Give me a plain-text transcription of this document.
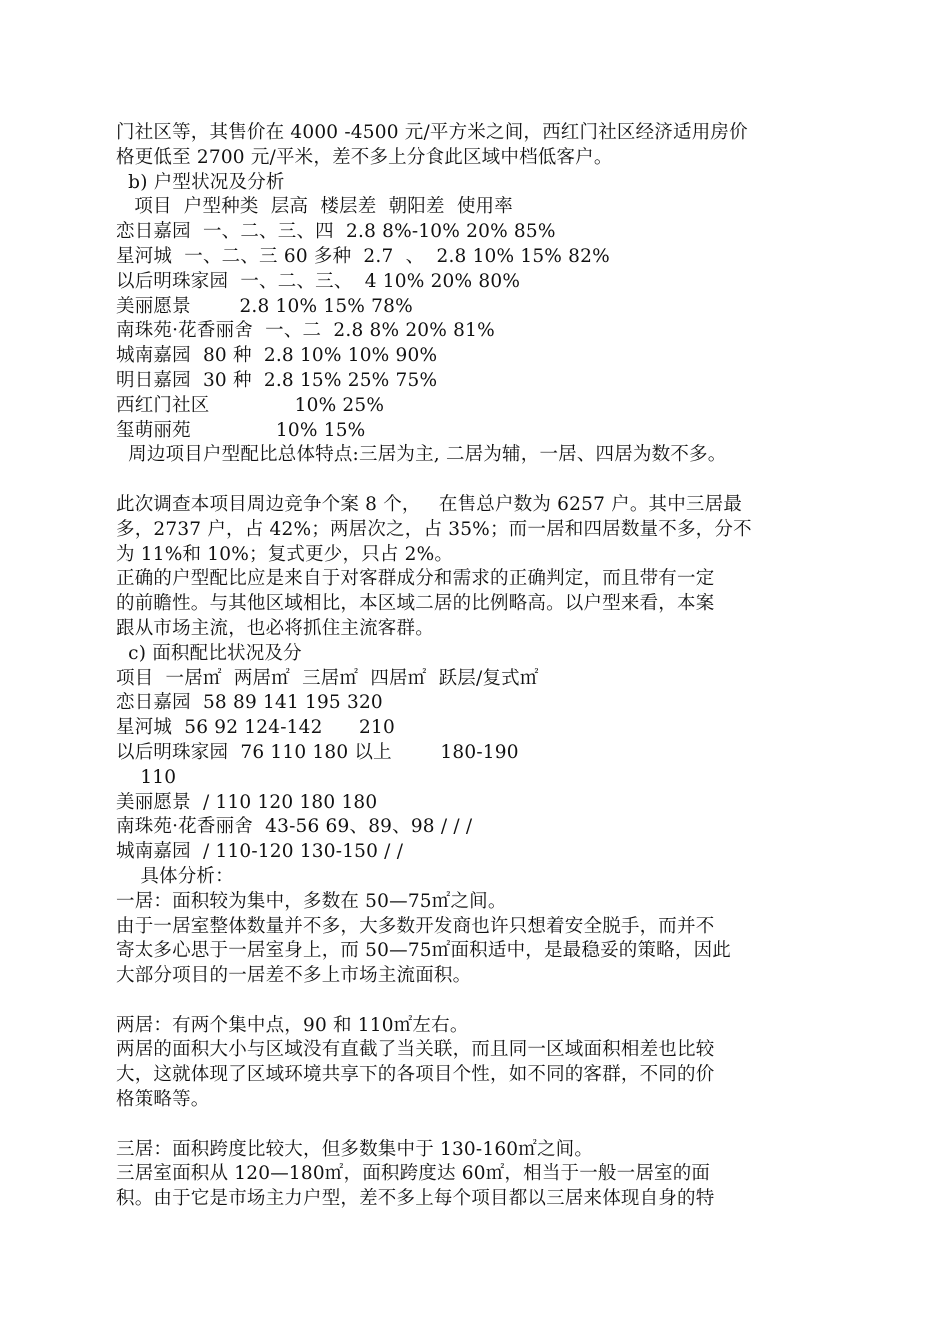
门社区等，其售价在 4000 -4500 元/平方米之间，西红门社区经济适用房价
格更低至 2700 元/平米，差不多上分食此区域中档低客户。
b) 户型状况及分析
项目  户型种类  层高  楼层差  朝阳差  使用率
恋日嘉园  一、二、三、四  2.8 8%-10% 20% 85%
星河城  一、二、三 60 多种  2.7  、  2.8 10% 15% 82%
以后明珠家园  一、二、三、  4 10% 20% 80%
美丽愿景        2.8 10% 15% 78%
南珠苑·花香丽舍  一、二  2.8 8% 20% 81%
城南嘉园  80 种  2.8 10% 10% 90%
明日嘉园  30 种  2.8 15% 25% 75%
西红门社区              10% 25%
玺萌丽苑              10% 15%
周边项目户型配比总体特点:三居为主, 二居为辅，一居、四居为数不多。
此次调查本项目周边竞争个案 8 个，   在售总户数为 6257 户。其中三居最
多，2737 户，占 42%；两居次之，占 35%；而一居和四居数量不多，分不
为 11%和 10%；复式更少，只占 2%。
正确的户型配比应是来自于对客群成分和需求的正确判定，而且带有一定
的前瞻性。与其他区域相比，本区域二居的比例略高。以户型来看，本案
跟从市场主流，也必将抓住主流客群。
c) 面积配比状况及分
项目  一居㎡  两居㎡  三居㎡  四居㎡  跃层/复式㎡
恋日嘉园  58 89 141 195 320
星河城  56 92 124-142      210
以后明珠家园  76 110 180 以上        180-190
110
美丽愿景  / 110 120 180 180
南珠苑·花香丽舍  43-56 69、89、98 / / /
城南嘉园  / 110-120 130-150 / /
具体分析：
一居：面积较为集中，多数在 50—75㎡之间。
由于一居室整体数量并不多，大多数开发商也许只想着安全脱手，而并不
寄太多心思于一居室身上，而 50—75㎡面积适中，是最稳妥的策略，因此
大部分项目的一居差不多上市场主流面积。
两居：有两个集中点，90 和 110㎡左右。
两居的面积大小与区域没有直截了当关联，而且同一区域面积相差也比较
大，这就体现了区域环境共享下的各项目个性，如不同的客群，不同的价
格策略等。
三居：面积跨度比较大，但多数集中于 130-160㎡之间。
三居室面积从 120—180㎡，面积跨度达 60㎡，相当于一般一居室的面
积。由于它是市场主力户型，差不多上每个项目都以三居来体现自身的特
